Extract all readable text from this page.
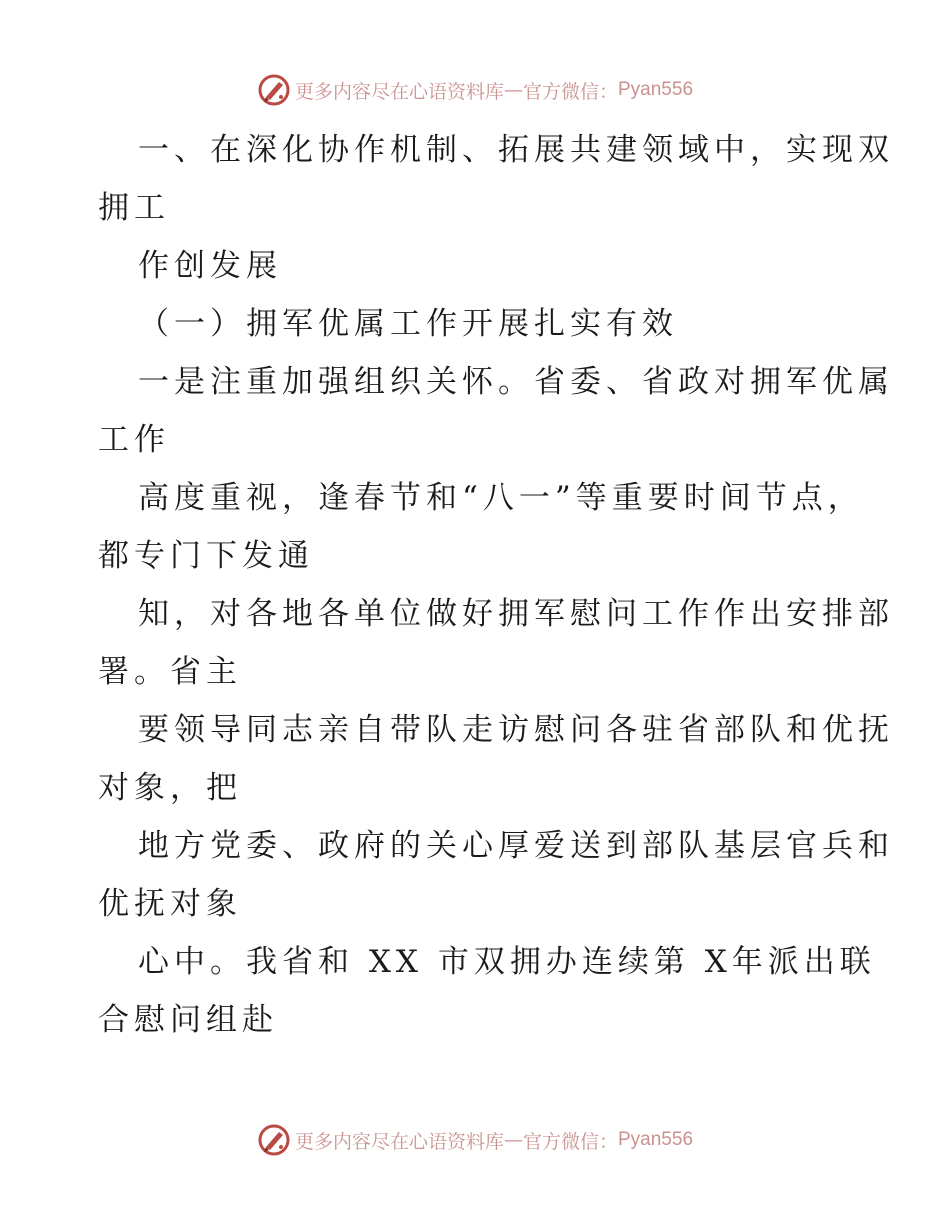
更多内容尽在心语资料库 — 官方微信： Pyan556
一、在深化协作机制、拓展共建领域中，实现双
拥工
作创发展
（一）拥军优属工作开展扎实有效
一是注重加强组织关怀。省委、省政对拥军优属
工作
高度重视，逢春节和“八一”等重要时间节点，
都专门下发通
知，对各地各单位做好拥军慰问工作作出安排部
署。省主
要领导同志亲自带队走访慰问各驻省部队和优抚
对象，把
地方党委、政府的关心厚爱送到部队基层官兵和
优抚对象
心中。我省和 XX 市双拥办连续第 X年派出联
合慰问组赴
更多内容尽在心语资料库 — 官方微信： Pyan556
